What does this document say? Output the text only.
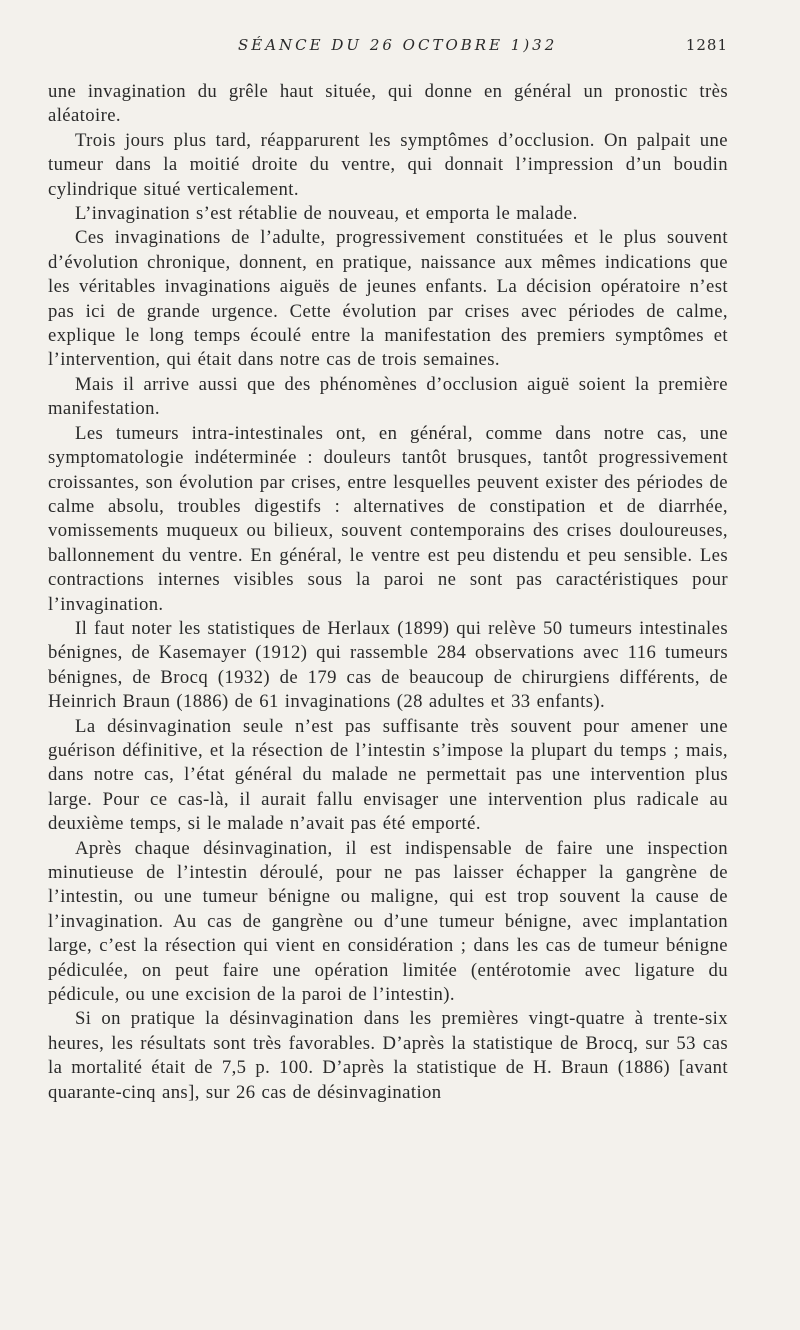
SÉANCE DU 26 OCTOBRE 1)32	1281

une invagination du grêle haut située, qui donne en général un pronostic très aléatoire.

Trois jours plus tard, réapparurent les symptômes d’occlusion. On palpait une tumeur dans la moitié droite du ventre, qui donnait l’impression d’un boudin cylindrique situé verticalement.

L’invagination s’est rétablie de nouveau, et emporta le malade.

Ces invaginations de l’adulte, progressivement constituées et le plus souvent d’évolution chronique, donnent, en pratique, naissance aux mêmes indications que les véritables invaginations aiguës de jeunes enfants. La décision opératoire n’est pas ici de grande urgence. Cette évolution par crises avec périodes de calme, explique le long temps écoulé entre la manifestation des premiers symptômes et l’intervention, qui était dans notre cas de trois semaines.

Mais il arrive aussi que des phénomènes d’occlusion aiguë soient la première manifestation.

Les tumeurs intra-intestinales ont, en général, comme dans notre cas, une symptomatologie indéterminée : douleurs tantôt brusques, tantôt progressivement croissantes, son évolution par crises, entre lesquelles peuvent exister des périodes de calme absolu, troubles digestifs : alternatives de constipation et de diarrhée, vomissements muqueux ou bilieux, souvent contemporains des crises douloureuses, ballonnement du ventre. En général, le ventre est peu distendu et peu sensible. Les contractions internes visibles sous la paroi ne sont pas caractéristiques pour l’invagination.

Il faut noter les statistiques de Herlaux (1899) qui relève 50 tumeurs intestinales bénignes, de Kasemayer (1912) qui rassemble 284 observations avec 116 tumeurs bénignes, de Brocq (1932) de 179 cas de beaucoup de chirurgiens différents, de Heinrich Braun (1886) de 61 invaginations (28 adultes et 33 enfants).

La désinvagination seule n’est pas suffisante très souvent pour amener une guérison définitive, et la résection de l’intestin s’impose la plupart du temps ; mais, dans notre cas, l’état général du malade ne permettait pas une intervention plus large. Pour ce cas-là, il aurait fallu envisager une intervention plus radicale au deuxième temps, si le malade n’avait pas été emporté.

Après chaque désinvagination, il est indispensable de faire une inspection minutieuse de l’intestin déroulé, pour ne pas laisser échapper la gangrène de l’intestin, ou une tumeur bénigne ou maligne, qui est trop souvent la cause de l’invagination. Au cas de gangrène ou d’une tumeur bénigne, avec implantation large, c’est la résection qui vient en considération ; dans les cas de tumeur bénigne pédiculée, on peut faire une opération limitée (entérotomie avec ligature du pédicule, ou une excision de la paroi de l’intestin).

Si on pratique la désinvagination dans les premières vingt-quatre à trente-six heures, les résultats sont très favorables. D’après la statistique de Brocq, sur 53 cas la mortalité était de 7,5 p. 100. D’après la statistique de H. Braun (1886) [avant quarante-cinq ans], sur 26 cas de désinvagination
